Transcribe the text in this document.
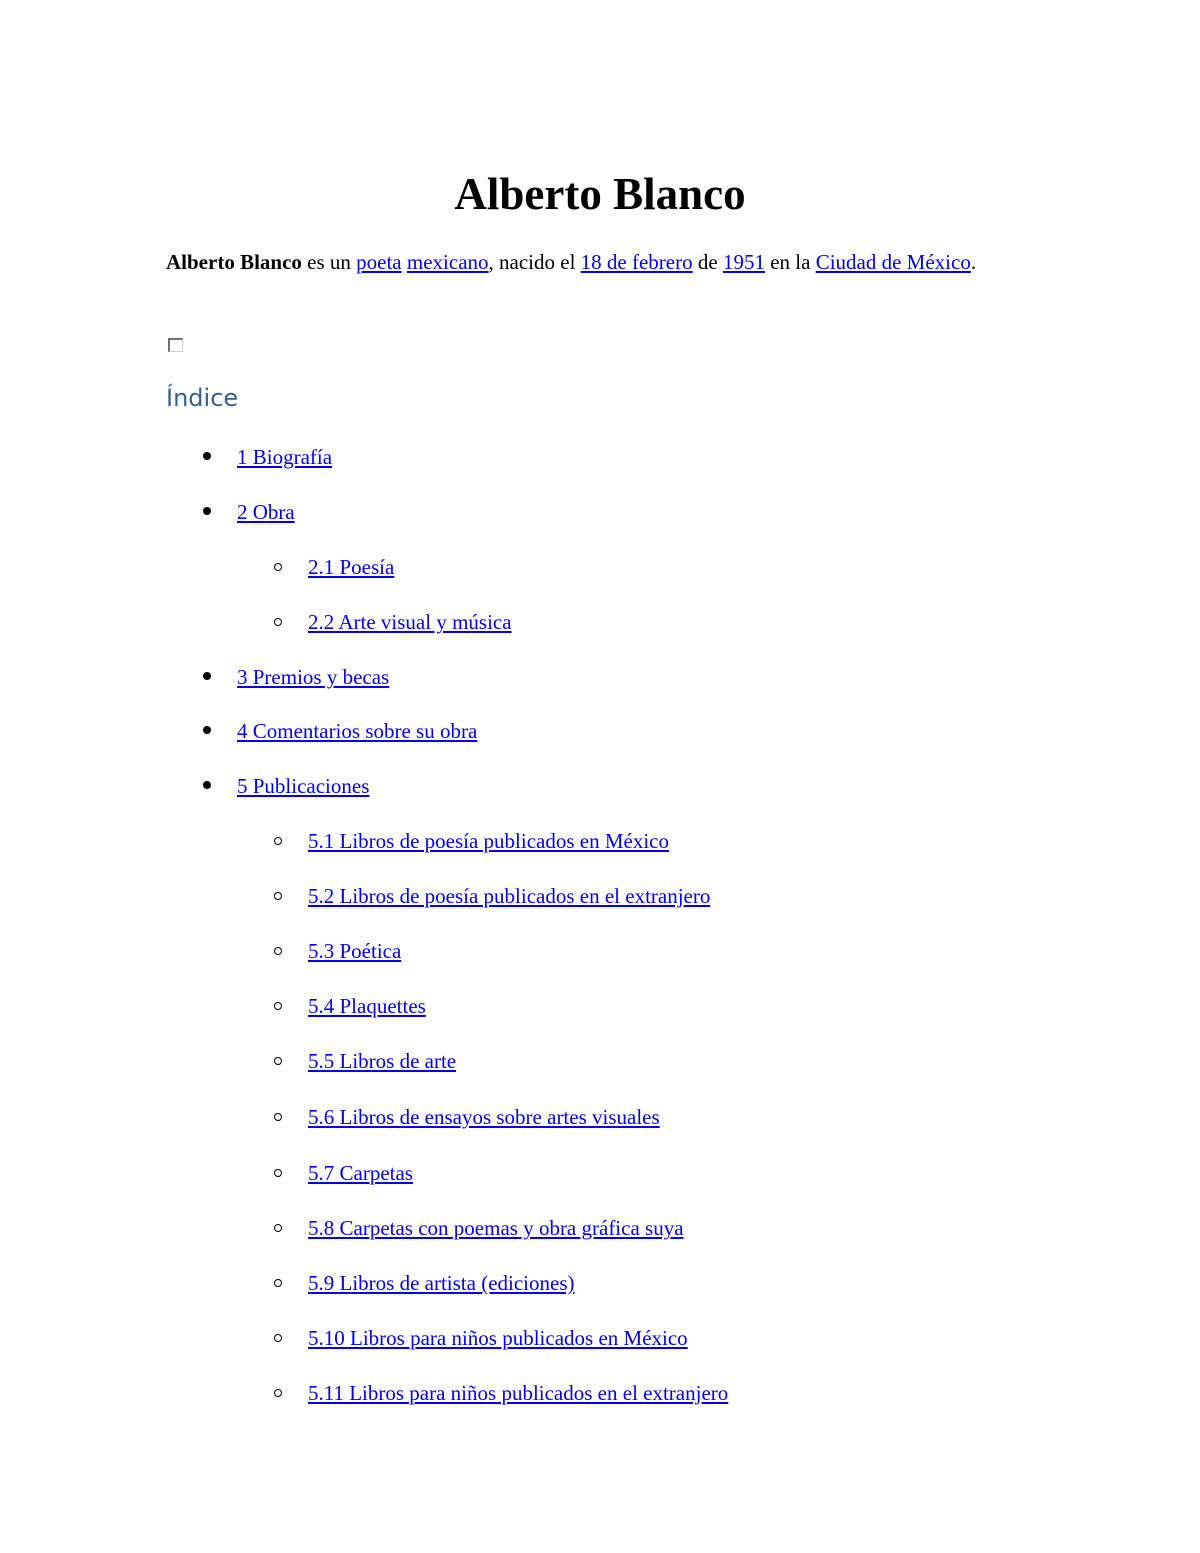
Alberto Blanco

Alberto Blanco es un poeta mexicano, nacido el 18 de febrero de 1951 en la Ciudad de México.

Índice
1 Biografía
2 Obra
2.1 Poesía
2.2 Arte visual y música
3 Premios y becas
4 Comentarios sobre su obra
5 Publicaciones
5.1 Libros de poesía publicados en México
5.2 Libros de poesía publicados en el extranjero
5.3 Poética
5.4 Plaquettes
5.5 Libros de arte
5.6 Libros de ensayos sobre artes visuales
5.7 Carpetas
5.8 Carpetas con poemas y obra gráfica suya
5.9 Libros de artista (ediciones)
5.10 Libros para niños publicados en México
5.11 Libros para niños publicados en el extranjero
